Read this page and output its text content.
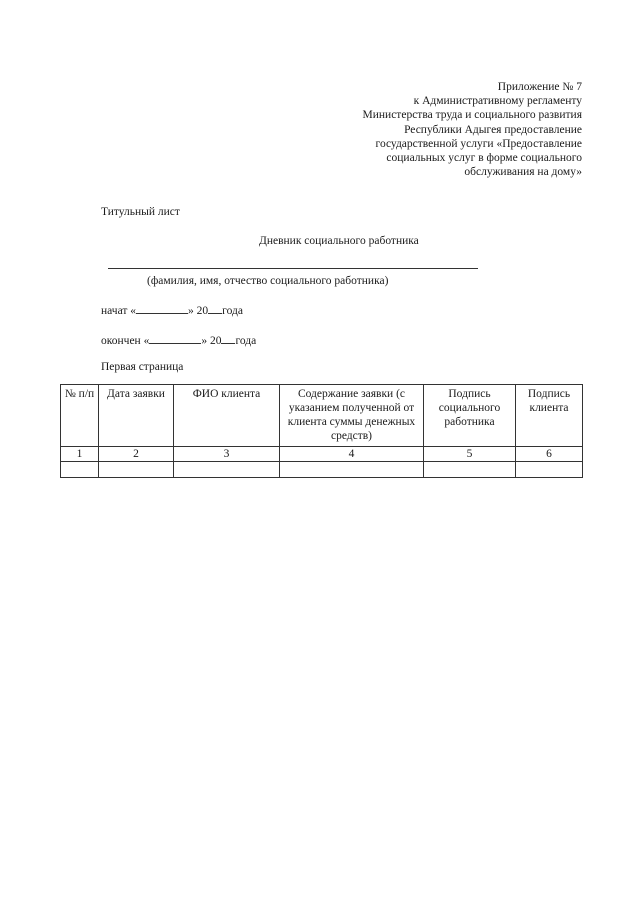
Приложение № 7
к Административному регламенту
Министерства труда и социального развития
Республики Адыгея предоставление
государственной услуги «Предоставление
социальных услуг в форме социального
обслуживания на дому»
Титульный лист
Дневник социального работника
(фамилия, имя, отчество социального работника)
начат «	» 20 года
окончен «	» 20 года
Первая страница
№ п/п	Дата заявки	ФИО клиента	Содержание заявки (с указанием полученной от клиента суммы денежных средств)	Подпись социального работника	Подпись клиента
1	2	3	4	5	6
